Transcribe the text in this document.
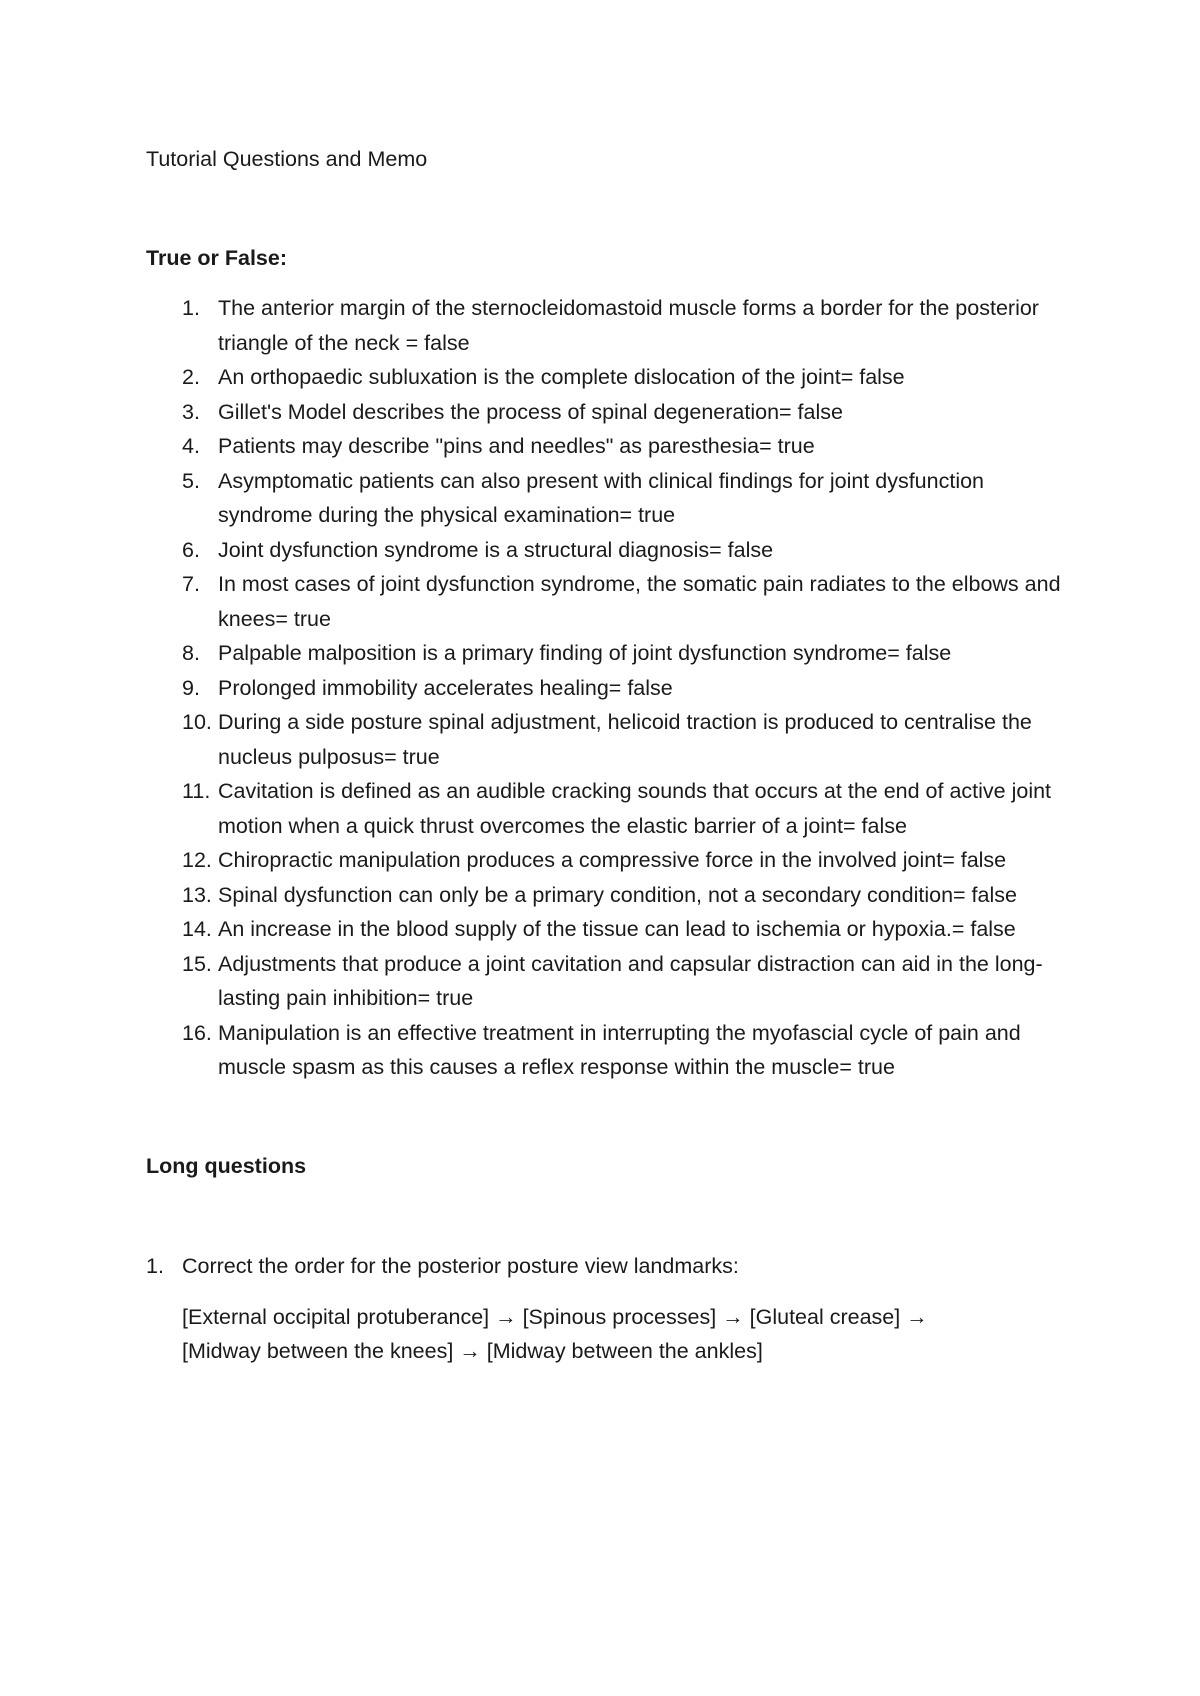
Tutorial Questions and Memo
True or False:
1. The anterior margin of the sternocleidomastoid muscle forms a border for the posterior triangle of the neck = false
2. An orthopaedic subluxation is the complete dislocation of the joint= false
3. Gillet's Model describes the process of spinal degeneration= false
4. Patients may describe "pins and needles" as paresthesia= true
5. Asymptomatic patients can also present with clinical findings for joint dysfunction syndrome during the physical examination= true
6. Joint dysfunction syndrome is a structural diagnosis= false
7. In most cases of joint dysfunction syndrome, the somatic pain radiates to the elbows and knees= true
8. Palpable malposition is a primary finding of joint dysfunction syndrome= false
9. Prolonged immobility accelerates healing= false
10. During a side posture spinal adjustment, helicoid traction is produced to centralise the nucleus pulposus= true
11. Cavitation is defined as an audible cracking sounds that occurs at the end of active joint motion when a quick thrust overcomes the elastic barrier of a joint= false
12. Chiropractic manipulation produces a compressive force in the involved joint= false
13. Spinal dysfunction can only be a primary condition, not a secondary condition= false
14. An increase in the blood supply of the tissue can lead to ischemia or hypoxia.= false
15. Adjustments that produce a joint cavitation and capsular distraction can aid in the long-lasting pain inhibition= true
16. Manipulation is an effective treatment in interrupting the myofascial cycle of pain and muscle spasm as this causes a reflex response within the muscle= true
Long questions
1. Correct the order for the posterior posture view landmarks:
[External occipital protuberance] → [Spinous processes] → [Gluteal crease] → [Midway between the knees] → [Midway between the ankles]
